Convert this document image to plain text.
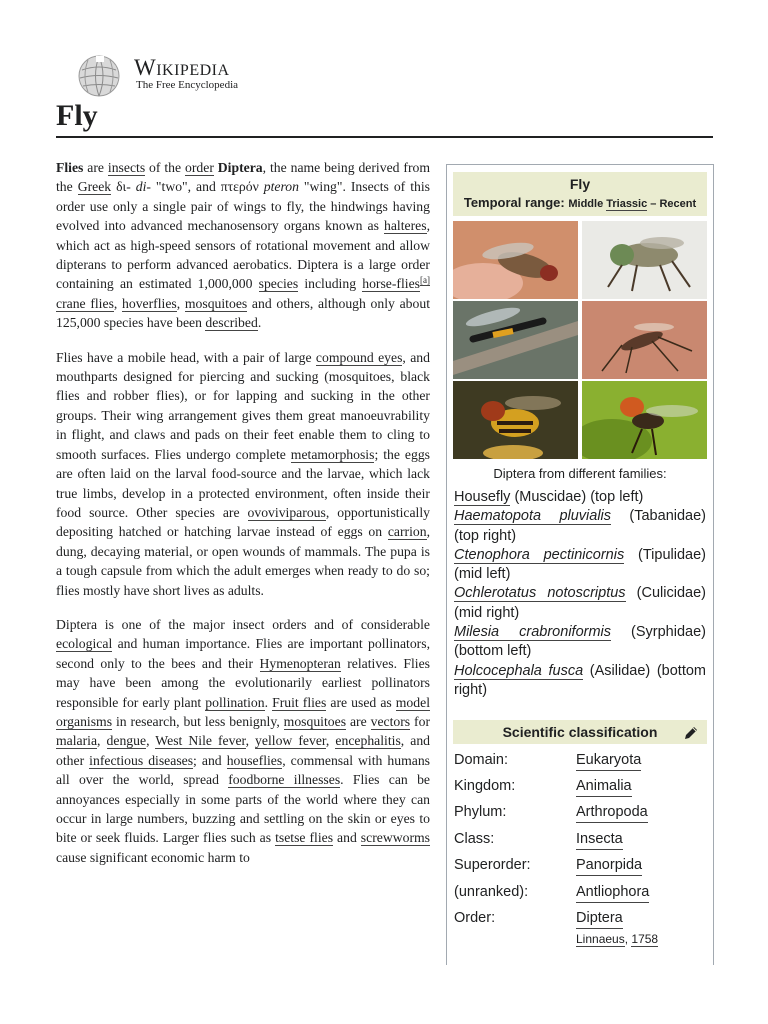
Wikipedia
The Free Encyclopedia
Fly

Flies are insects of the order Diptera, the name being derived from the Greek δι- di- "two", and πτερόν pteron "wing". Insects of this order use only a single pair of wings to fly, the hindwings having evolved into advanced mechanosensory organs known as halteres, which act as high-speed sensors of rotational movement and allow dipterans to perform advanced aerobatics. Diptera is a large order containing an estimated 1,000,000 species including horse-flies[a] crane flies, hoverflies, mosquitoes and others, although only about 125,000 species have been described.

Flies have a mobile head, with a pair of large compound eyes, and mouthparts designed for piercing and sucking (mosquitoes, black flies and robber flies), or for lapping and sucking in the other groups. Their wing arrangement gives them great manoeuvrability in flight, and claws and pads on their feet enable them to cling to smooth surfaces. Flies undergo complete metamorphosis; the eggs are often laid on the larval food-source and the larvae, which lack true limbs, develop in a protected environment, often inside their food source. Other species are ovoviviparous, opportunistically depositing hatched or hatching larvae instead of eggs on carrion, dung, decaying material, or open wounds of mammals. The pupa is a tough capsule from which the adult emerges when ready to do so; flies mostly have short lives as adults.

Diptera is one of the major insect orders and of considerable ecological and human importance. Flies are important pollinators, second only to the bees and their Hymenopteran relatives. Flies may have been among the evolutionarily earliest pollinators responsible for early plant pollination. Fruit flies are used as model organisms in research, but less benignly, mosquitoes are vectors for malaria, dengue, West Nile fever, yellow fever, encephalitis, and other infectious diseases; and houseflies, commensal with humans all over the world, spread foodborne illnesses. Flies can be annoyances especially in some parts of the world where they can occur in large numbers, buzzing and settling on the skin or eyes to bite or seek fluids. Larger flies such as tsetse flies and screwworms cause significant economic harm to

Fly
Temporal range: Middle Triassic – Recent
Diptera from different families:
Housefly (Muscidae) (top left)
Haematopota pluvialis (Tabanidae) (top right)
Ctenophora pectinicornis (Tipulidae) (mid left)
Ochlerotatus notoscriptus (Culicidae) (mid right)
Milesia crabroniformis (Syrphidae) (bottom left)
Holcocephala fusca (Asilidae) (bottom right)
Scientific classification
Domain:	Eukaryota
Kingdom:	Animalia
Phylum:	Arthropoda
Class:	Insecta
Superorder:	Panorpida
(unranked):	Antliophora
Order:	Diptera
Linnaeus, 1758
